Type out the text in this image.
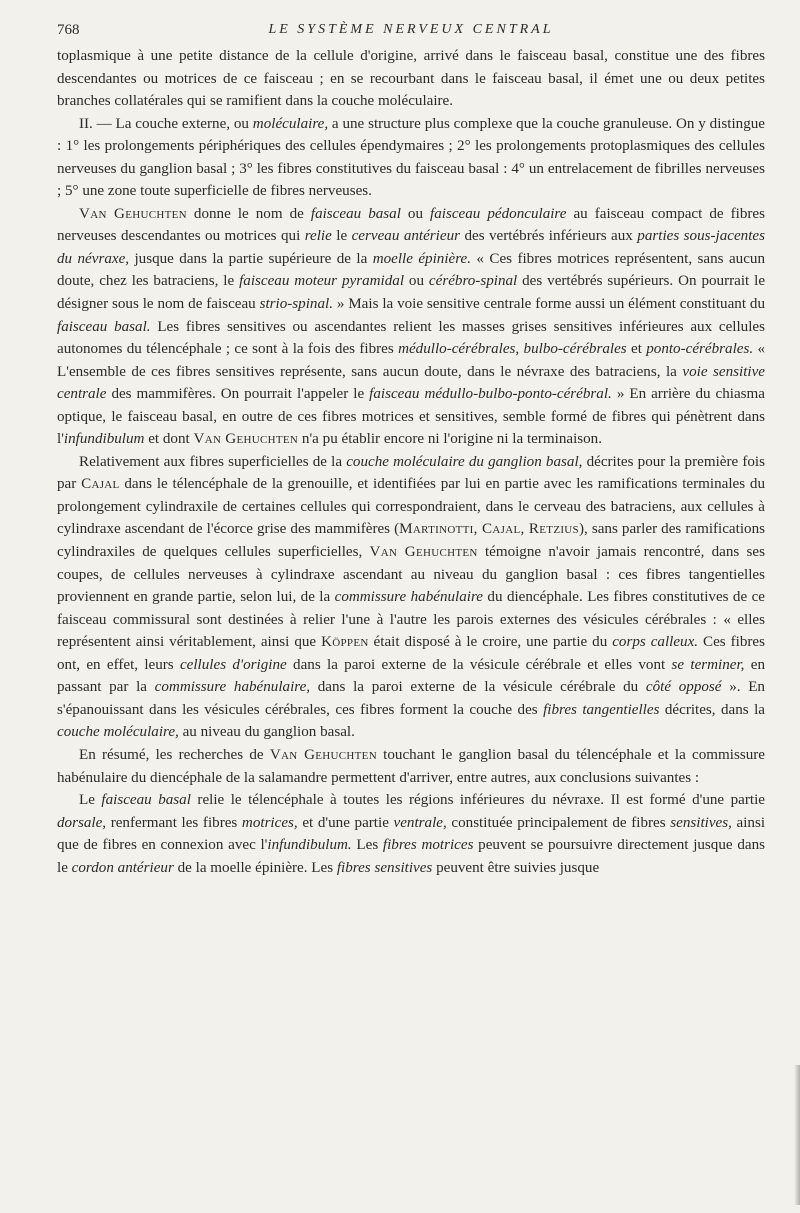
768	LE SYSTÈME NERVEUX CENTRAL

toplasmique à une petite distance de la cellule d'origine, arrivé dans le faisceau basal, constitue une des fibres descendantes ou motrices de ce faisceau ; en se recourbant dans le faisceau basal, il émet une ou deux petites branches collatérales qui se ramifient dans la couche moléculaire.

II. — La couche externe, ou moléculaire, a une structure plus complexe que la couche granuleuse. On y distingue : 1° les prolongements périphériques des cellules épendymaires ; 2° les prolongements protoplasmiques des cellules nerveuses du ganglion basal ; 3° les fibres constitutives du faisceau basal : 4° un entrelacement de fibrilles nerveuses ; 5° une zone toute superficielle de fibres nerveuses.

Van Gehuchten donne le nom de faisceau basal ou faisceau pédonculaire au faisceau compact de fibres nerveuses descendantes ou motrices qui relie le cerveau antérieur des vertébrés inférieurs aux parties sous-jacentes du névraxe, jusque dans la partie supérieure de la moelle épinière. « Ces fibres motrices représentent, sans aucun doute, chez les batraciens, le faisceau moteur pyramidal ou cérébro-spinal des vertébrés supérieurs. On pourrait le désigner sous le nom de faisceau strio-spinal. » Mais la voie sensitive centrale forme aussi un élément constituant du faisceau basal. Les fibres sensitives ou ascendantes relient les masses grises sensitives inférieures aux cellules autonomes du télencéphale ; ce sont à la fois des fibres médullo-cérébrales, bulbo-cérébrales et ponto-cérébrales. « L'ensemble de ces fibres sensitives représente, sans aucun doute, dans le névraxe des batraciens, la voie sensitive centrale des mammifères. On pourrait l'appeler le faisceau médullo-bulbo-ponto-cérébral. » En arrière du chiasma optique, le faisceau basal, en outre de ces fibres motrices et sensitives, semble formé de fibres qui pénètrent dans l'infundibulum et dont Van Gehuchten n'a pu établir encore ni l'origine ni la terminaison.

Relativement aux fibres superficielles de la couche moléculaire du ganglion basal, décrites pour la première fois par Cajal dans le télencéphale de la grenouille, et identifiées par lui en partie avec les ramifications terminales du prolongement cylindraxile de certaines cellules qui correspondraient, dans le cerveau des batraciens, aux cellules à cylindraxe ascendant de l'écorce grise des mammifères (Martinotti, Cajal, Retzius), sans parler des ramifications cylindraxiles de quelques cellules superficielles, Van Gehuchten témoigne n'avoir jamais rencontré, dans ses coupes, de cellules nerveuses à cylindraxe ascendant au niveau du ganglion basal : ces fibres tangentielles proviennent en grande partie, selon lui, de la commissure habénulaire du diencéphale. Les fibres constitutives de ce faisceau commissural sont destinées à relier l'une à l'autre les parois externes des vésicules cérébrales : « elles représentent ainsi véritablement, ainsi que Köppen était disposé à le croire, une partie du corps calleux. Ces fibres ont, en effet, leurs cellules d'origine dans la paroi externe de la vésicule cérébrale et elles vont se terminer, en passant par la commissure habénulaire, dans la paroi externe de la vésicule cérébrale du côté opposé ». En s'épanouissant dans les vésicules cérébrales, ces fibres forment la couche des fibres tangentielles décrites, dans la couche moléculaire, au niveau du ganglion basal.

En résumé, les recherches de Van Gehuchten touchant le ganglion basal du télencéphale et la commissure habénulaire du diencéphale de la salamandre permettent d'arriver, entre autres, aux conclusions suivantes :

Le faisceau basal relie le télencéphale à toutes les régions inférieures du névraxe. Il est formé d'une partie dorsale, renfermant les fibres motrices, et d'une partie ventrale, constituée principalement de fibres sensitives, ainsi que de fibres en connexion avec l'infundibulum. Les fibres motrices peuvent se poursuivre directement jusque dans le cordon antérieur de la moelle épinière. Les fibres sensitives peuvent être suivies jusque
